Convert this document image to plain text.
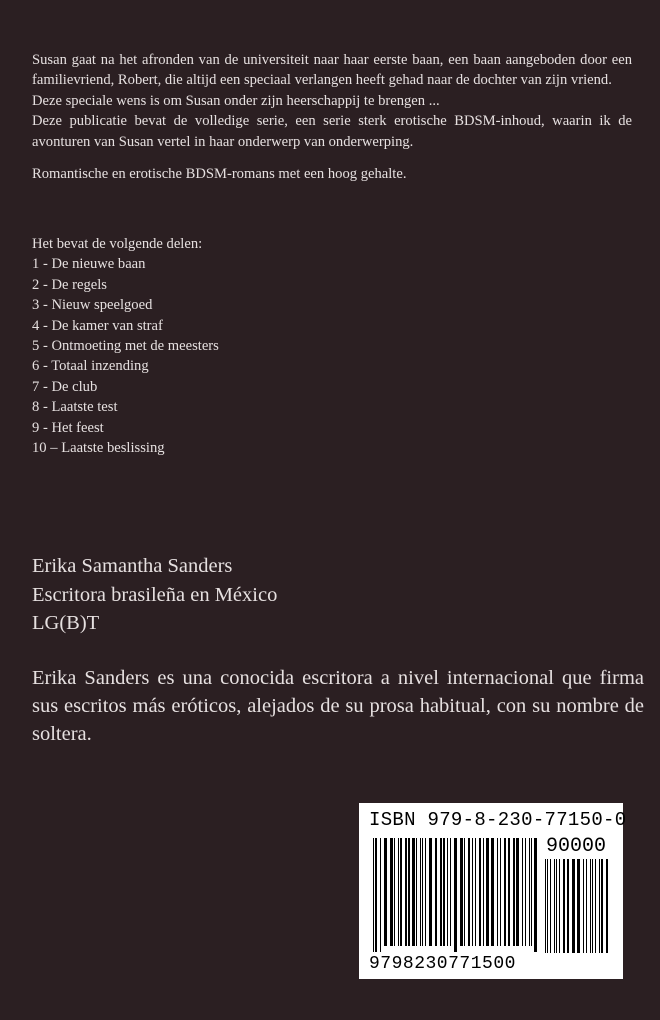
Susan gaat na het afronden van de universiteit naar haar eerste baan, een baan aangeboden door een familievriend, Robert, die altijd een speciaal verlangen heeft gehad naar de dochter van zijn vriend.

Deze speciale wens is om Susan onder zijn heerschappij te brengen ...

Deze publicatie bevat de volledige serie, een serie sterk erotische BDSM-inhoud, waarin ik de avonturen van Susan vertel in haar onderwerp van onderwerping.

Romantische en erotische BDSM-romans met een hoog gehalte.

Het bevat de volgende delen:
1 - De nieuwe baan
2 - De regels
3 - Nieuw speelgoed
4 - De kamer van straf
5 - Ontmoeting met de meesters
6 - Totaal inzending
7 - De club
8 - Laatste test
9 - Het feest
10 – Laatste beslissing
Erika Samantha Sanders
Escritora brasileña en México
LG(B)T
Erika Sanders es una conocida escritora a nivel internacional que firma sus escritos más eróticos, alejados de su prosa habitual, con su nombre de soltera.
ISBN 979-8-230-77150-0
90000
9798230771500
